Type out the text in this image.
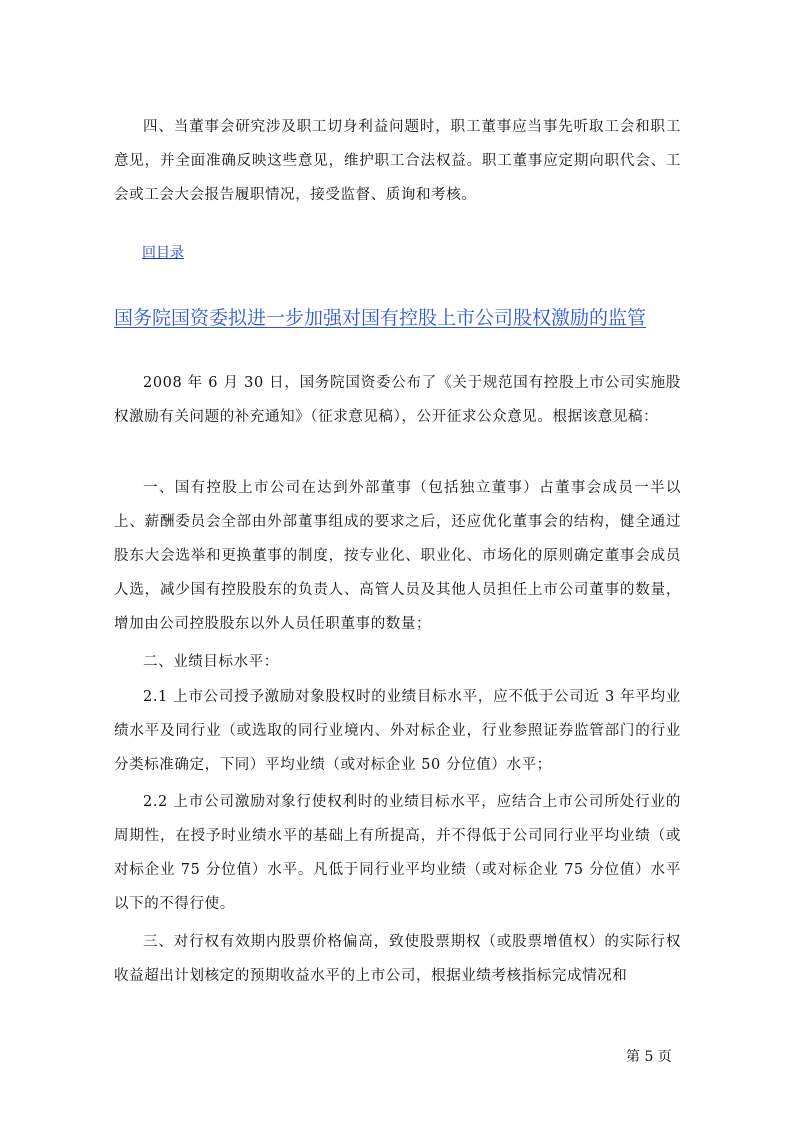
四、当董事会研究涉及职工切身利益问题时，职工董事应当事先听取工会和职工意见，并全面准确反映这些意见，维护职工合法权益。职工董事应定期向职代会、工会或工会大会报告履职情况，接受监督、质询和考核。

回目录
国务院国资委拟进一步加强对国有控股上市公司股权激励的监管

2008 年 6 月 30 日，国务院国资委公布了《关于规范国有控股上市公司实施股权激励有关问题的补充通知》（征求意见稿），公开征求公众意见。根据该意见稿：

一、国有控股上市公司在达到外部董事（包括独立董事）占董事会成员一半以上、薪酬委员会全部由外部董事组成的要求之后，还应优化董事会的结构，健全通过股东大会选举和更换董事的制度，按专业化、职业化、市场化的原则确定董事会成员人选，减少国有控股股东的负责人、高管人员及其他人员担任上市公司董事的数量，增加由公司控股股东以外人员任职董事的数量；

二、业绩目标水平：

2.1 上市公司授予激励对象股权时的业绩目标水平，应不低于公司近 3 年平均业绩水平及同行业（或选取的同行业境内、外对标企业，行业参照证券监管部门的行业分类标准确定，下同）平均业绩（或对标企业 50 分位值）水平；

2.2 上市公司激励对象行使权利时的业绩目标水平，应结合上市公司所处行业的周期性，在授予时业绩水平的基础上有所提高，并不得低于公司同行业平均业绩（或对标企业 75 分位值）水平。凡低于同行业平均业绩（或对标企业 75 分位值）水平以下的不得行使。

三、对行权有效期内股票价格偏高，致使股票期权（或股票增值权）的实际行权收益超出计划核定的预期收益水平的上市公司，根据业绩考核指标完成情况和

第 5 页
